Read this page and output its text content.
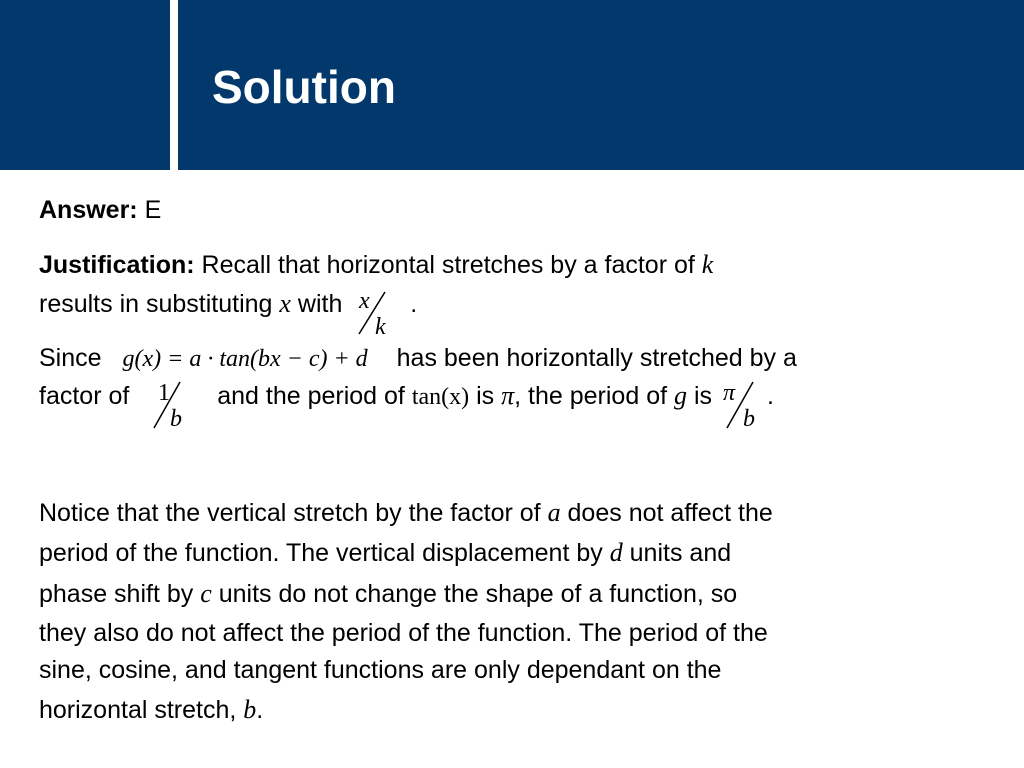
Solution
Answer: E
Justification: Recall that horizontal stretches by a factor of k
results in substituting x with x
k
.
Since g(x) = a · tan(bx − c) + d has been horizontally stretched by a
factor of 1
b
and the period of tan(x) is π, the period of g is π
b
.
Notice that the vertical stretch by the factor of a does not affect the
period of the function. The vertical displacement by d units and
phase shift by c units do not change the shape of a function, so
they also do not affect the period of the function. The period of the
sine, cosine, and tangent functions are only dependant on the
horizontal stretch, b.
